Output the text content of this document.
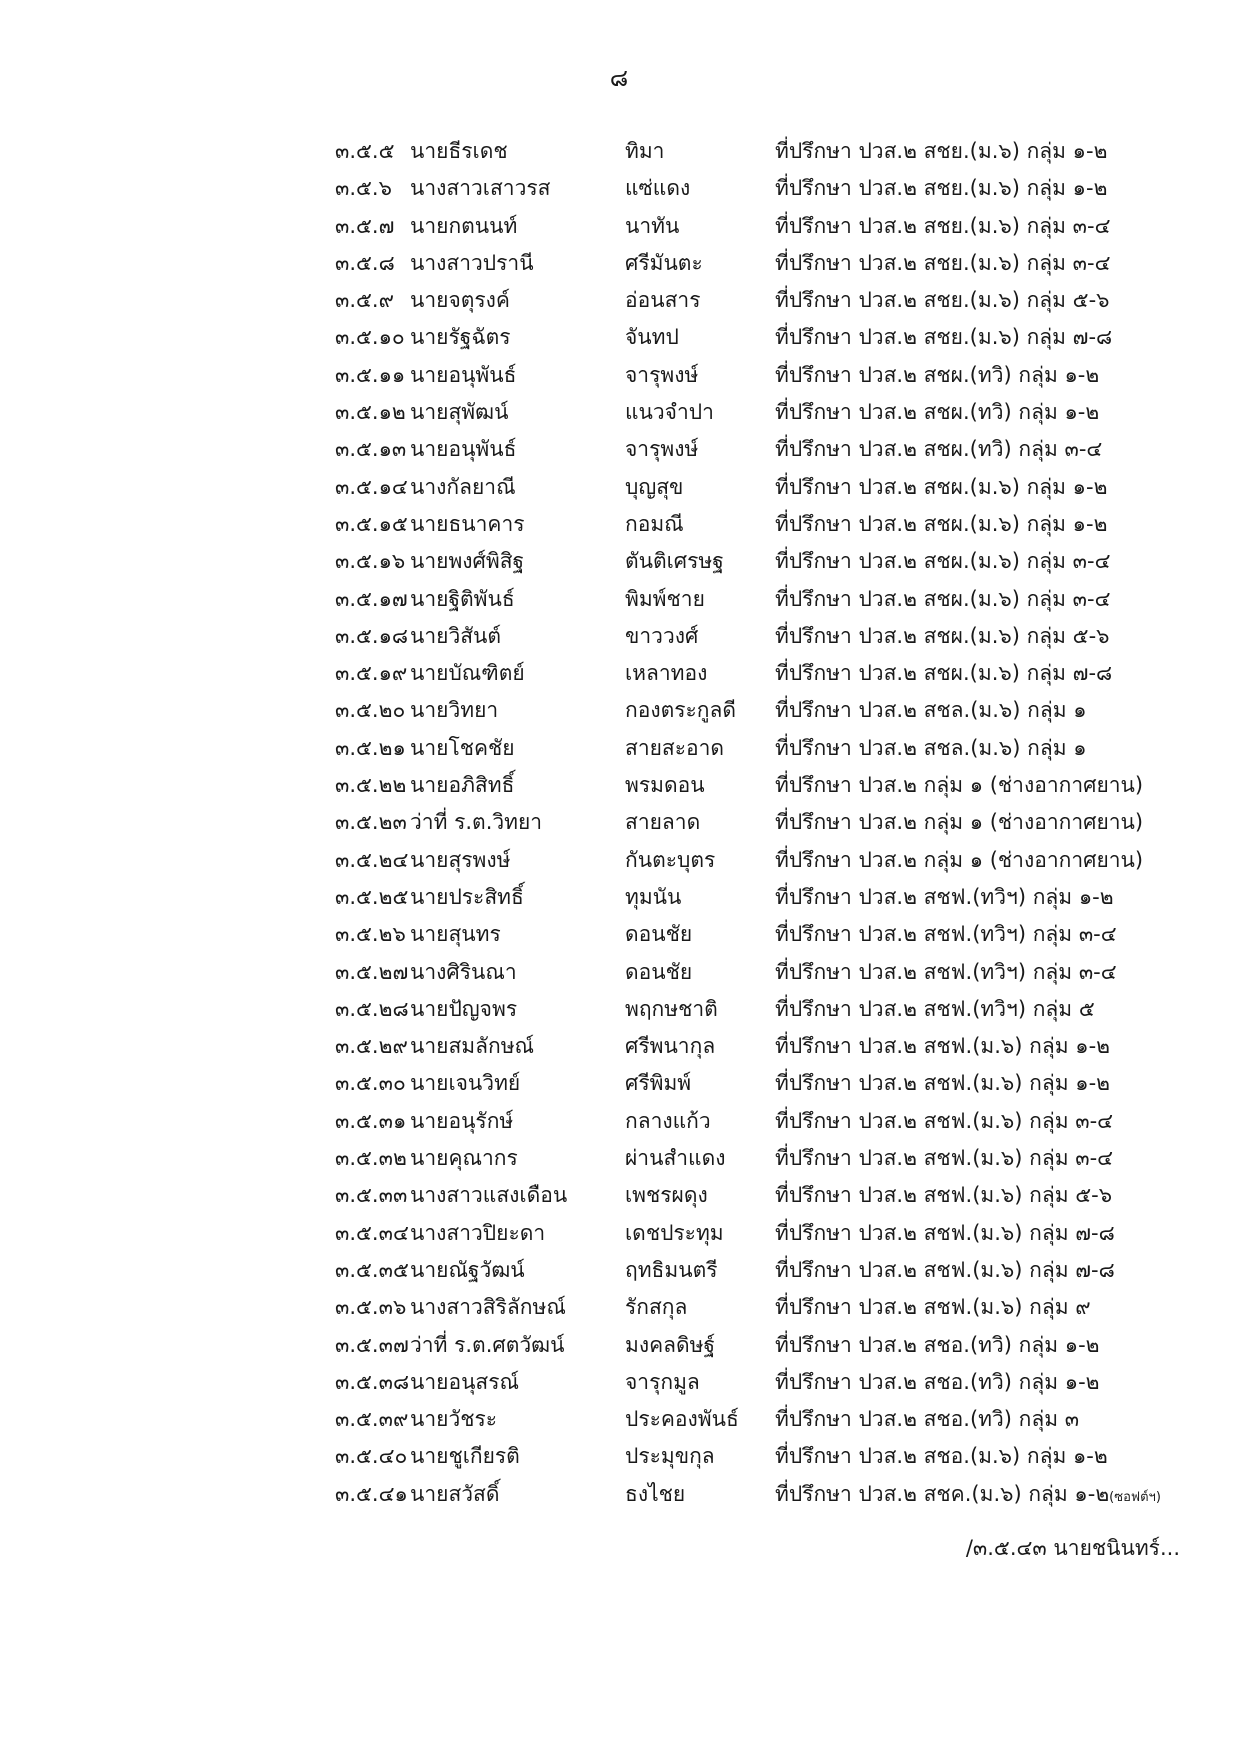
๘
๓.๕.๕ นายธีรเดช	ทิมา	ที่ปรึกษา ปวส.๒ สชย.(ม.๖) กลุ่ม ๑-๒
๓.๕.๖ นางสาวเสาวรส	แซ่แดง	ที่ปรึกษา ปวส.๒ สชย.(ม.๖) กลุ่ม ๑-๒
๓.๕.๗ นายกตนนท์	นาทัน	ที่ปรึกษา ปวส.๒ สชย.(ม.๖) กลุ่ม ๓-๔
๓.๕.๘ นางสาวปรานี	ศรีมันตะ	ที่ปรึกษา ปวส.๒ สชย.(ม.๖) กลุ่ม ๓-๔
๓.๕.๙ นายจตุรงค์	อ่อนสาร	ที่ปรึกษา ปวส.๒ สชย.(ม.๖) กลุ่ม ๕-๖
๓.๕.๑๐ นายรัฐฉัตร	จันทป	ที่ปรึกษา ปวส.๒ สชย.(ม.๖) กลุ่ม ๗-๘
๓.๕.๑๑ นายอนุพันธ์	จารุพงษ์	ที่ปรึกษา ปวส.๒ สชผ.(ทวิ) กลุ่ม ๑-๒
๓.๕.๑๒ นายสุพัฒน์	แนวจำปา	ที่ปรึกษา ปวส.๒ สชผ.(ทวิ) กลุ่ม ๑-๒
๓.๕.๑๓ นายอนุพันธ์	จารุพงษ์	ที่ปรึกษา ปวส.๒ สชผ.(ทวิ) กลุ่ม ๓-๔
๓.๕.๑๔ นางกัลยาณี	บุญสุข	ที่ปรึกษา ปวส.๒ สชผ.(ม.๖) กลุ่ม ๑-๒
๓.๕.๑๕ นายธนาคาร	กอมณี	ที่ปรึกษา ปวส.๒ สชผ.(ม.๖) กลุ่ม ๑-๒
๓.๕.๑๖ นายพงศ์พิสิฐ	ตันติเศรษฐ ที่ปรึกษา ปวส.๒ สชผ.(ม.๖) กลุ่ม ๓-๔
๓.๕.๑๗ นายฐิติพันธ์	พิมพ์ชาย	ที่ปรึกษา ปวส.๒ สชผ.(ม.๖) กลุ่ม ๓-๔
๓.๕.๑๘ นายวิสันต์	ขาววงศ์	ที่ปรึกษา ปวส.๒ สชผ.(ม.๖) กลุ่ม ๕-๖
๓.๕.๑๙ นายบัณฑิตย์	เหลาทอง	ที่ปรึกษา ปวส.๒ สชผ.(ม.๖) กลุ่ม ๗-๘
๓.๕.๒๐ นายวิทยา	กองตระกูลดี ที่ปรึกษา ปวส.๒ สชล.(ม.๖) กลุ่ม ๑
๓.๕.๒๑ นายโชคชัย	สายสะอาด ที่ปรึกษา ปวส.๒ สชล.(ม.๖) กลุ่ม ๑
๓.๕.๒๒ นายอภิสิทธิ์	พรมดอน	ที่ปรึกษา ปวส.๒ กลุ่ม ๑ (ช่างอากาศยาน)
๓.๕.๒๓ ว่าที่ ร.ต.วิทยา	สายลาด	ที่ปรึกษา ปวส.๒ กลุ่ม ๑ (ช่างอากาศยาน)
๓.๕.๒๔ นายสุรพงษ์	กันตะบุตร	ที่ปรึกษา ปวส.๒ กลุ่ม ๑ (ช่างอากาศยาน)
๓.๕.๒๕ นายประสิทธิ์	ทุมนัน	ที่ปรึกษา ปวส.๒ สชฟ.(ทวิฯ) กลุ่ม ๑-๒
๓.๕.๒๖ นายสุนทร	ดอนชัย	ที่ปรึกษา ปวส.๒ สชฟ.(ทวิฯ) กลุ่ม ๓-๔
๓.๕.๒๗ นางศิรินณา	ดอนชัย	ที่ปรึกษา ปวส.๒ สชฟ.(ทวิฯ) กลุ่ม ๓-๔
๓.๕.๒๘ นายปัญจพร	พฤกษชาติ	ที่ปรึกษา ปวส.๒ สชฟ.(ทวิฯ) กลุ่ม ๕
๓.๕.๒๙ นายสมลักษณ์	ศรีพนากุล	ที่ปรึกษา ปวส.๒ สชฟ.(ม.๖) กลุ่ม ๑-๒
๓.๕.๓๐ นายเจนวิทย์	ศรีพิมพ์	ที่ปรึกษา ปวส.๒ สชฟ.(ม.๖) กลุ่ม ๑-๒
๓.๕.๓๑ นายอนุรักษ์	กลางแก้ว	ที่ปรึกษา ปวส.๒ สชฟ.(ม.๖) กลุ่ม ๓-๔
๓.๕.๓๒ นายคุณากร	ผ่านสำแดง ที่ปรึกษา ปวส.๒ สชฟ.(ม.๖) กลุ่ม ๓-๔
๓.๕.๓๓ นางสาวแสงเดือน	เพชรผดุง	ที่ปรึกษา ปวส.๒ สชฟ.(ม.๖) กลุ่ม ๕-๖
๓.๕.๓๔ นางสาวปิยะดา	เดชประทุม ที่ปรึกษา ปวส.๒ สชฟ.(ม.๖) กลุ่ม ๗-๘
๓.๕.๓๕ นายณัฐวัฒน์	ฤทธิมนตรี	ที่ปรึกษา ปวส.๒ สชฟ.(ม.๖) กลุ่ม ๗-๘
๓.๕.๓๖ นางสาวสิริลักษณ์	รักสกุล	ที่ปรึกษา ปวส.๒ สชฟ.(ม.๖) กลุ่ม ๙
๓.๕.๓๗ ว่าที่ ร.ต.ศตวัฒน์	มงคลดิษฐ์	ที่ปรึกษา ปวส.๒ สชอ.(ทวิ) กลุ่ม ๑-๒
๓.๕.๓๘ นายอนุสรณ์	จารุกมูล	ที่ปรึกษา ปวส.๒ สชอ.(ทวิ) กลุ่ม ๑-๒
๓.๕.๓๙ นายวัชระ	ประคองพันธ์ ที่ปรึกษา ปวส.๒ สชอ.(ทวิ) กลุ่ม ๓
๓.๕.๔๐ นายชูเกียรติ	ประมุขกุล	ที่ปรึกษา ปวส.๒ สชอ.(ม.๖) กลุ่ม ๑-๒
๓.๕.๔๑ นายสวัสดิ์	ธงไชย	ที่ปรึกษา ปวส.๒ สชค.(ม.๖) กลุ่ม ๑-๒(ซอฟต์ฯ)
/๓.๕.๔๓ นายชนินทร์...
